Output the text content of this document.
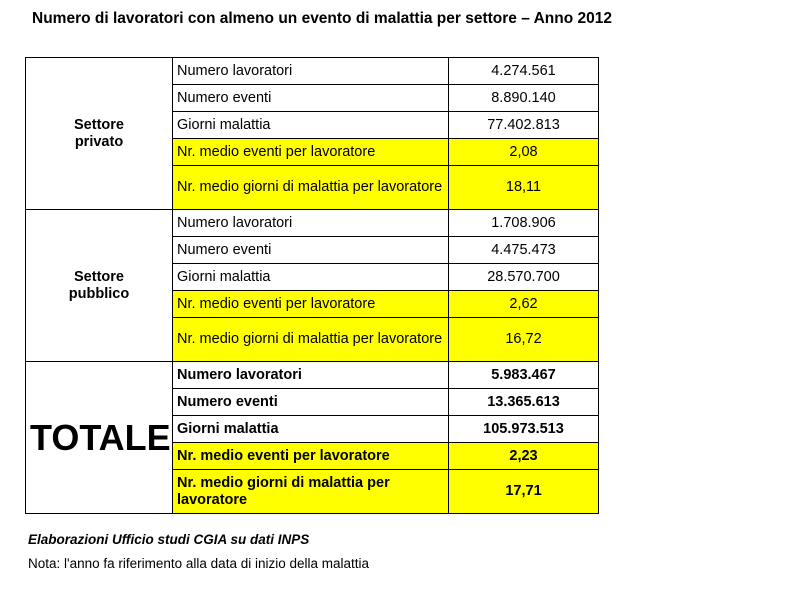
Numero di lavoratori con almeno un evento di malattia per settore – Anno 2012
Settore
privato	Numero lavoratori	4.274.561
	Numero eventi	8.890.140
	Giorni malattia	77.402.813
	Nr. medio eventi per lavoratore	2,08
	Nr. medio giorni di malattia per lavoratore	18,11

Settore
pubblico	Numero lavoratori	1.708.906
	Numero eventi	4.475.473
	Giorni malattia	28.570.700
	Nr. medio eventi per lavoratore	2,62
	Nr. medio giorni di malattia per lavoratore	16,72

TOTALE	Numero lavoratori	5.983.467
	Numero eventi	13.365.613
	Giorni malattia	105.973.513
	Nr. medio eventi per lavoratore	2,23
	Nr. medio giorni di malattia per lavoratore	17,71
Elaborazioni Ufficio studi CGIA su dati INPS
Nota: l'anno fa riferimento alla data di inizio della malattia
